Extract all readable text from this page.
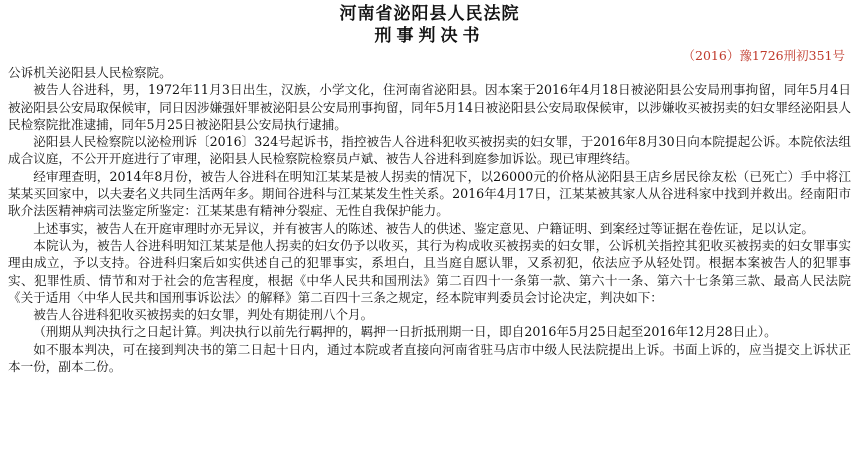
河南省泌阳县人民法院
刑事判决书
（2016）豫1726刑初351号

公诉机关泌阳县人民检察院。

被告人谷进科，男，1972年11月3日出生，汉族，小学文化，住河南省泌阳县。因本案于2016年4月18日被泌阳县公安局刑事拘留，同年5月4日被泌阳县公安局取保候审，同日因涉嫌强奸罪被泌阳县公安局刑事拘留，同年5月14日被泌阳县公安局取保候审，以涉嫌收买被拐卖的妇女罪经泌阳县人民检察院批准逮捕，同年5月25日被泌阳县公安局执行逮捕。

泌阳县人民检察院以泌检刑诉〔2016〕324号起诉书，指控被告人谷进科犯收买被拐卖的妇女罪，于2016年8月30日向本院提起公诉。本院依法组成合议庭，不公开开庭进行了审理，泌阳县人民检察院检察员卢斌、被告人谷进科到庭参加诉讼。现已审理终结。

经审理查明，2014年8月份，被告人谷进科在明知江某某是被人拐卖的情况下，以26000元的价格从泌阳县王店乡居民徐友松（已死亡）手中将江某某买回家中，以夫妻名义共同生活两年多。期间谷进科与江某某发生性关系。2016年4月17日，江某某被其家人从谷进科家中找到并救出。经南阳市耿介法医精神病司法鉴定所鉴定：江某某患有精神分裂症、无性自我保护能力。

上述事实，被告人在开庭审理时亦无异议，并有被害人的陈述、被告人的供述、鉴定意见、户籍证明、到案经过等证据在卷佐证，足以认定。

本院认为，被告人谷进科明知江某某是他人拐卖的妇女仍予以收买，其行为构成收买被拐卖的妇女罪，公诉机关指控其犯收买被拐卖的妇女罪事实理由成立，予以支持。谷进科归案后如实供述自己的犯罪事实，系坦白，且当庭自愿认罪，又系初犯，依法应予从轻处罚。根据本案被告人的犯罪事实、犯罪性质、情节和对于社会的危害程度，根据《中华人民共和国刑法》第二百四十一条第一款、第六十一条、第六十七条第三款、最高人民法院《关于适用〈中华人民共和国刑事诉讼法〉的解释》第二百四十三条之规定，经本院审判委员会讨论决定，判决如下：

被告人谷进科犯收买被拐卖的妇女罪，判处有期徒刑八个月。

（刑期从判决执行之日起计算。判决执行以前先行羁押的，羁押一日折抵刑期一日，即自2016年5月25日起至2016年12月28日止）。

如不服本判决，可在接到判决书的第二日起十日内，通过本院或者直接向河南省驻马店市中级人民法院提出上诉。书面上诉的，应当提交上诉状正本一份，副本二份。
